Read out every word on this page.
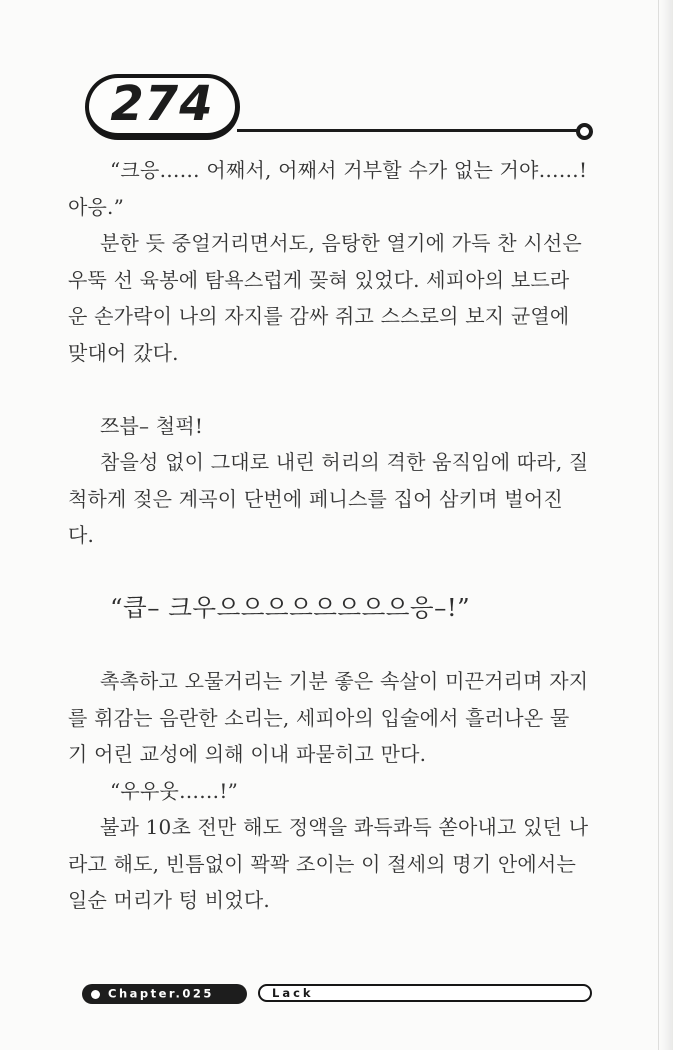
274
“크응…… 어째서, 어째서 거부할 수가 없는 거야……!
아응.”
분한 듯 중얼거리면서도, 음탕한 열기에 가득 찬 시선은
우뚝 선 육봉에 탐욕스럽게 꽂혀 있었다. 세피아의 보드라
운 손가락이 나의 자지를 감싸 쥐고 스스로의 보지 균열에
맞대어 갔다.
쯔븝– 철퍽!
참을성 없이 그대로 내린 허리의 격한 움직임에 따라, 질
척하게 젖은 계곡이 단번에 페니스를 집어 삼키며 벌어진
다.
“큽– 크우으으으으으으으으응–!”
촉촉하고 오물거리는 기분 좋은 속살이 미끈거리며 자지
를 휘감는 음란한 소리는, 세피아의 입술에서 흘러나온 물
기 어린 교성에 의해 이내 파묻히고 만다.
“우우웃……!”
불과 10초 전만 해도 정액을 콰득콰득 쏟아내고 있던 나
라고 해도, 빈틈없이 꽉꽉 조이는 이 절세의 명기 안에서는
일순 머리가 텅 비었다.
Chapter.025	Lack
